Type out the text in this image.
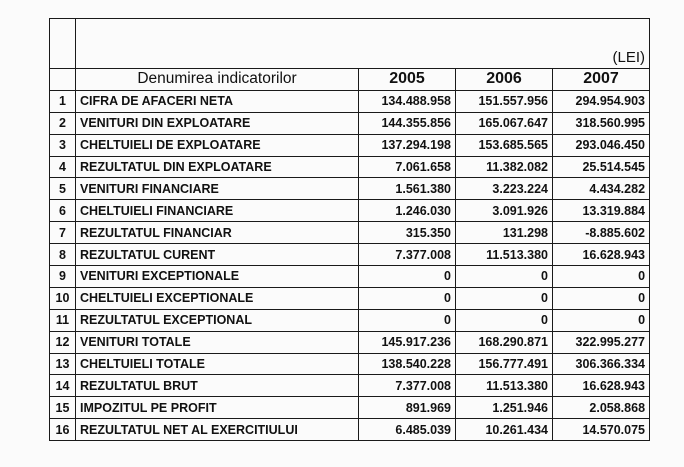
	(LEI)			
	Denumirea indicatorilor	2005	2006	2007
1	CIFRA DE AFACERI NETA	134.488.958	151.557.956	294.954.903
2	VENITURI DIN EXPLOATARE	144.355.856	165.067.647	318.560.995
3	CHELTUIELI DE EXPLOATARE	137.294.198	153.685.565	293.046.450
4	REZULTATUL DIN EXPLOATARE	7.061.658	11.382.082	25.514.545
5	VENITURI FINANCIARE	1.561.380	3.223.224	4.434.282
6	CHELTUIELI FINANCIARE	1.246.030	3.091.926	13.319.884
7	REZULTATUL FINANCIAR	315.350	131.298	-8.885.602
8	REZULTATUL CURENT	7.377.008	11.513.380	16.628.943
9	VENITURI EXCEPTIONALE	0	0	0
10	CHELTUIELI EXCEPTIONALE	0	0	0
11	REZULTATUL EXCEPTIONAL	0	0	0
12	VENITURI TOTALE	145.917.236	168.290.871	322.995.277
13	CHELTUIELI TOTALE	138.540.228	156.777.491	306.366.334
14	REZULTATUL BRUT	7.377.008	11.513.380	16.628.943
15	IMPOZITUL PE PROFIT	891.969	1.251.946	2.058.868
16	REZULTATUL NET AL EXERCITIULUI	6.485.039	10.261.434	14.570.075
